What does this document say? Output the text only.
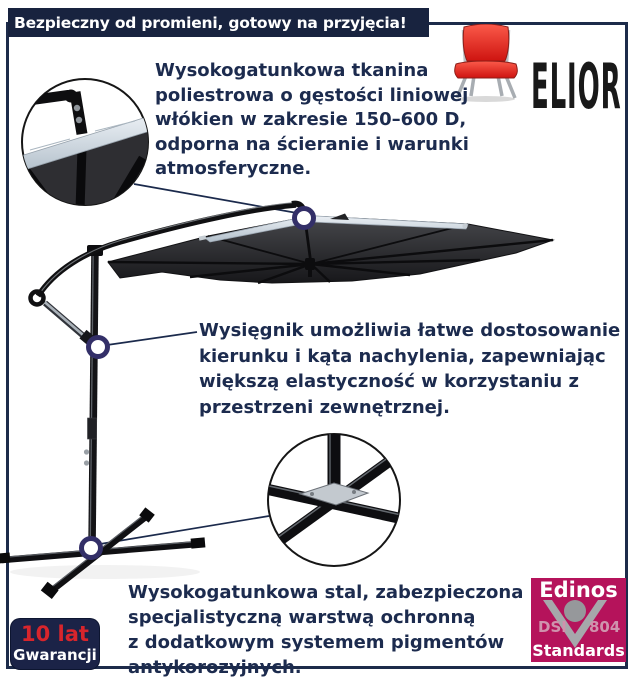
Bezpieczny od promieni, gotowy na przyjęcia!
ELIOR
Wysokogatunkowa tkanina
poliestrowa o gęstości liniowej
włókien w zakresie 150–600 D,
odporna na ścieranie i warunki
atmosferyczne.
Wysięgnik umożliwia łatwe dostosowanie
kierunku i kąta nachylenia, zapewniając
większą elastyczność w korzystaniu z
przestrzeni zewnętrznej.
Wysokogatunkowa stal, zabezpieczona
specjalistyczną warstwą ochronną
z dodatkowym systemem pigmentów
antykorozyjnych.
10 lat
Gwarancji
Edinos
DSI 804
Standards
